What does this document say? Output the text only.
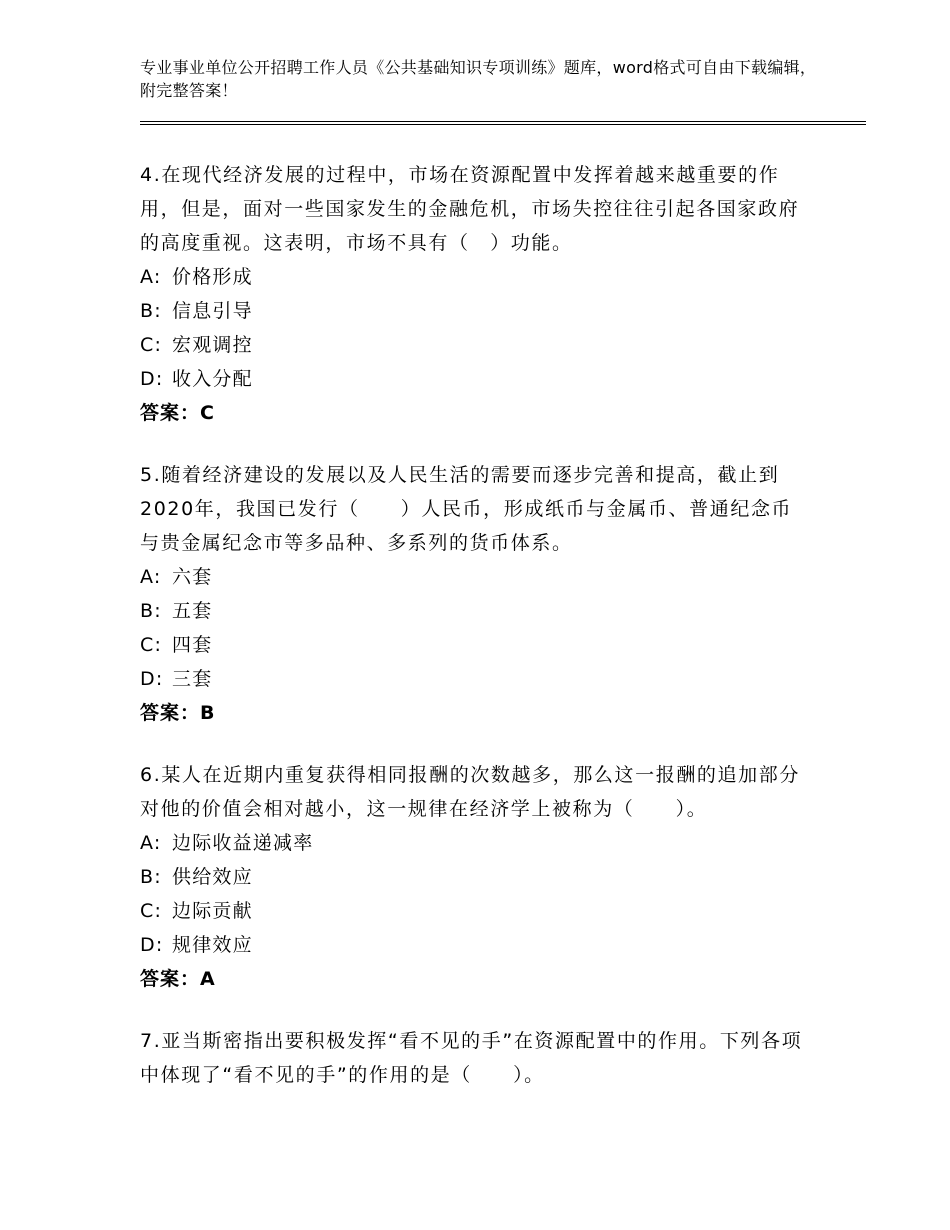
专业事业单位公开招聘工作人员《公共基础知识专项训练》题库，word格式可自由下载编辑，附完整答案！
4.在现代经济发展的过程中，市场在资源配置中发挥着越来越重要的作用，但是，面对一些国家发生的金融危机，市场失控往往引起各国家政府的高度重视。这表明，市场不具有（　）功能。
A: 价格形成
B: 信息引导
C: 宏观调控
D: 收入分配
答案：C
5.随着经济建设的发展以及人民生活的需要而逐步完善和提高，截止到2020年，我国已发行（　　）人民币，形成纸币与金属币、普通纪念币与贵金属纪念市等多品种、多系列的货币体系。
A: 六套
B: 五套
C: 四套
D: 三套
答案：B
6.某人在近期内重复获得相同报酬的次数越多，那么这一报酬的追加部分对他的价值会相对越小，这一规律在经济学上被称为（　　）。
A: 边际收益递减率
B: 供给效应
C: 边际贡献
D: 规律效应
答案：A
7.亚当斯密指出要积极发挥“看不见的手”在资源配置中的作用。下列各项中体现了“看不见的手”的作用的是（　　）。
